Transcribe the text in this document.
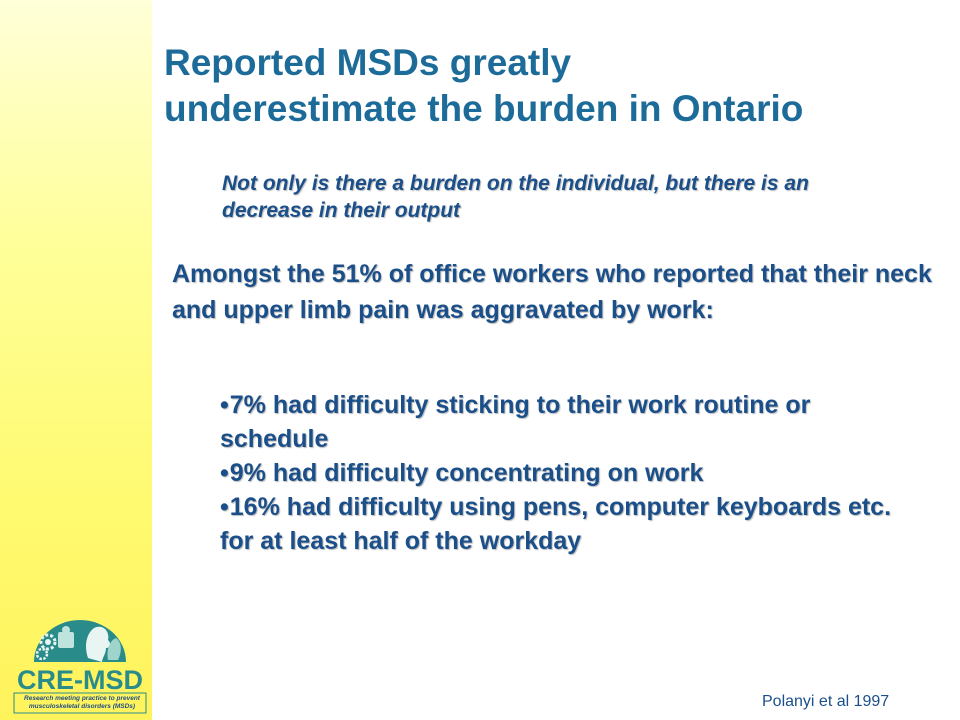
Reported MSDs greatly
underestimate the burden in Ontario
Not only is there a burden on the individual, but there is an
decrease in their output
Amongst the 51% of office workers who reported that their neck and upper limb pain was aggravated by work:
•7% had difficulty sticking to their work routine or schedule
•9% had difficulty concentrating on work
•16% had difficulty using pens, computer keyboards etc. for at least half of the workday
Polanyi et al 1997
CRE-MSD
Research meeting practice to prevent
musculoskeletal disorders (MSDs)
